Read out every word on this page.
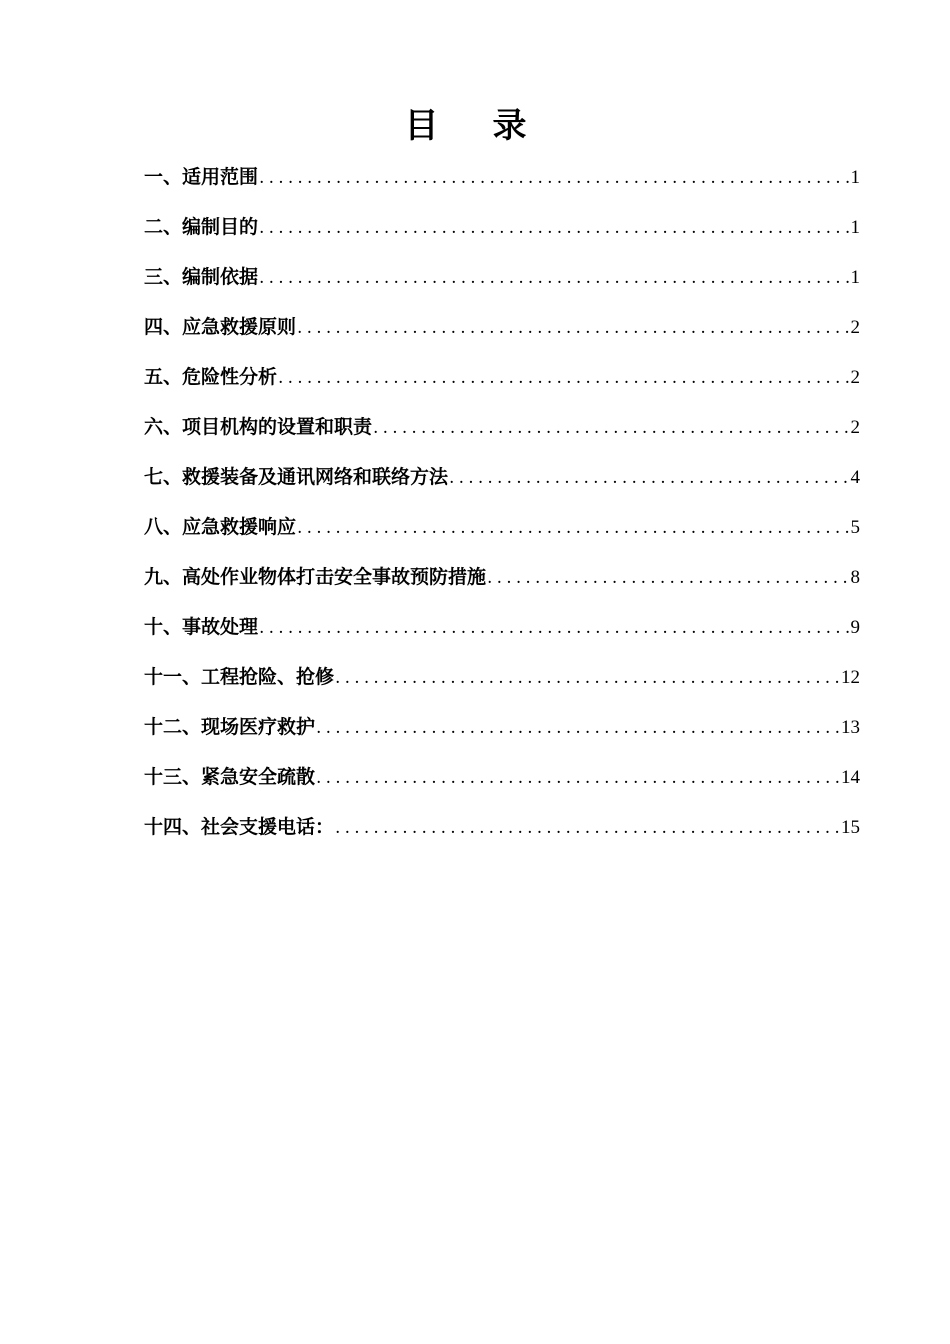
目录
一、适用范围 .....	1
二、编制目的 .....	1
三、编制依据 .....	1
四、应急救援原则 .....	2
五、危险性分析 .....	2
六、项目机构的设置和职责 .....	2
七、救援装备及通讯网络和联络方法 .....	4
八、应急救援响应 .....	5
九、高处作业物体打击安全事故预防措施 .....	8
十、事故处理 .....	9
十一、工程抢险、抢修 .....	12
十二、现场医疗救护 .....	13
十三、紧急安全疏散 .....	14
十四、社会支援电话： .....	15
